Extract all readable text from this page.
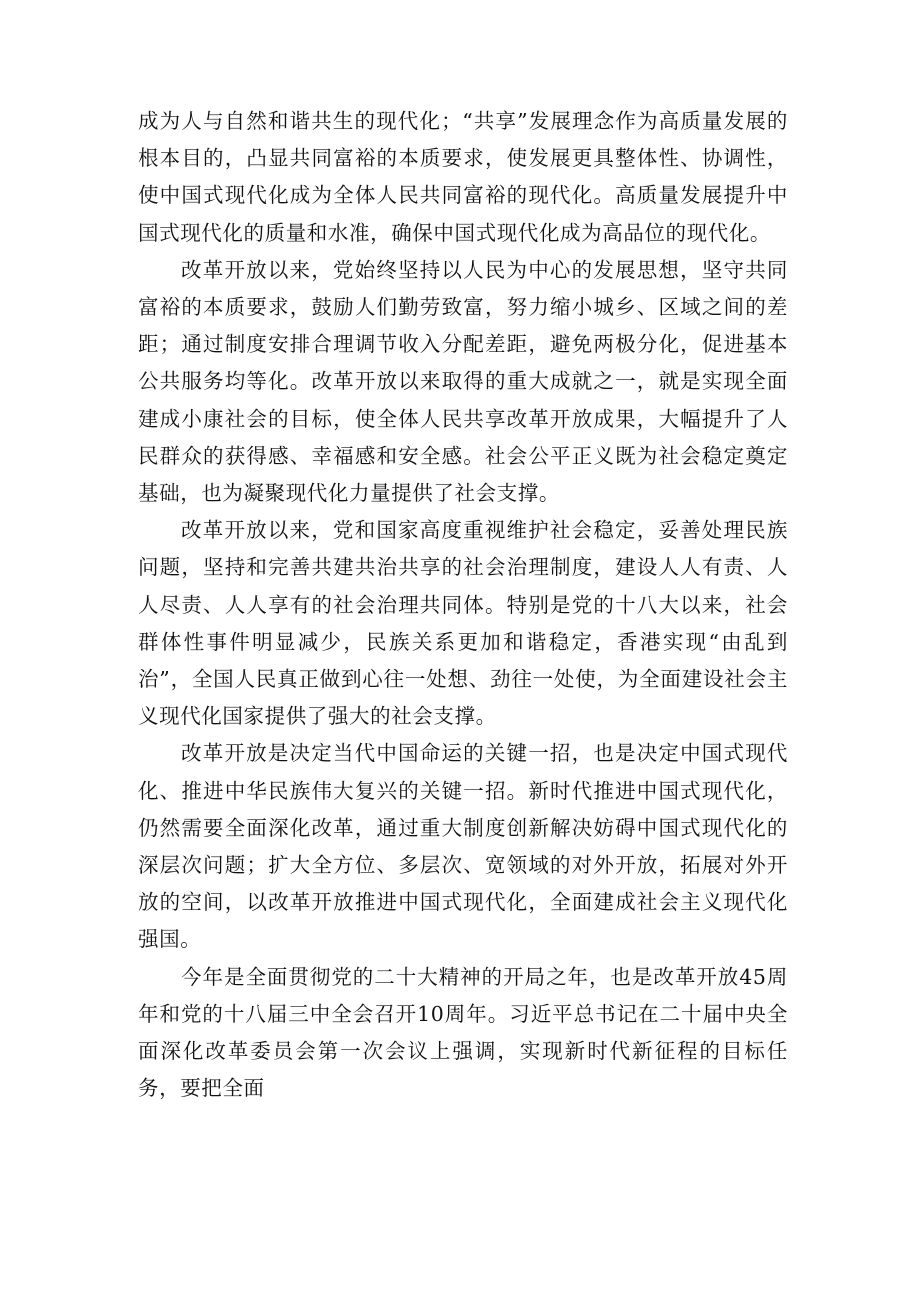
成为人与自然和谐共生的现代化；“共享”发展理念作为高质量发展的根本目的，凸显共同富裕的本质要求，使发展更具整体性、协调性，使中国式现代化成为全体人民共同富裕的现代化。高质量发展提升中国式现代化的质量和水准，确保中国式现代化成为高品位的现代化。

改革开放以来，党始终坚持以人民为中心的发展思想，坚守共同富裕的本质要求，鼓励人们勤劳致富，努力缩小城乡、区域之间的差距；通过制度安排合理调节收入分配差距，避免两极分化，促进基本公共服务均等化。改革开放以来取得的重大成就之一，就是实现全面建成小康社会的目标，使全体人民共享改革开放成果，大幅提升了人民群众的获得感、幸福感和安全感。社会公平正义既为社会稳定奠定基础，也为凝聚现代化力量提供了社会支撑。

改革开放以来，党和国家高度重视维护社会稳定，妥善处理民族问题，坚持和完善共建共治共享的社会治理制度，建设人人有责、人人尽责、人人享有的社会治理共同体。特别是党的十八大以来，社会群体性事件明显减少，民族关系更加和谐稳定，香港实现“由乱到治”，全国人民真正做到心往一处想、劲往一处使，为全面建设社会主义现代化国家提供了强大的社会支撑。

改革开放是决定当代中国命运的关键一招，也是决定中国式现代化、推进中华民族伟大复兴的关键一招。新时代推进中国式现代化，仍然需要全面深化改革，通过重大制度创新解决妨碍中国式现代化的深层次问题；扩大全方位、多层次、宽领域的对外开放，拓展对外开放的空间，以改革开放推进中国式现代化，全面建成社会主义现代化强国。

今年是全面贯彻党的二十大精神的开局之年，也是改革开放45周年和党的十八届三中全会召开10周年。习近平总书记在二十届中央全面深化改革委员会第一次会议上强调，实现新时代新征程的目标任务，要把全面
